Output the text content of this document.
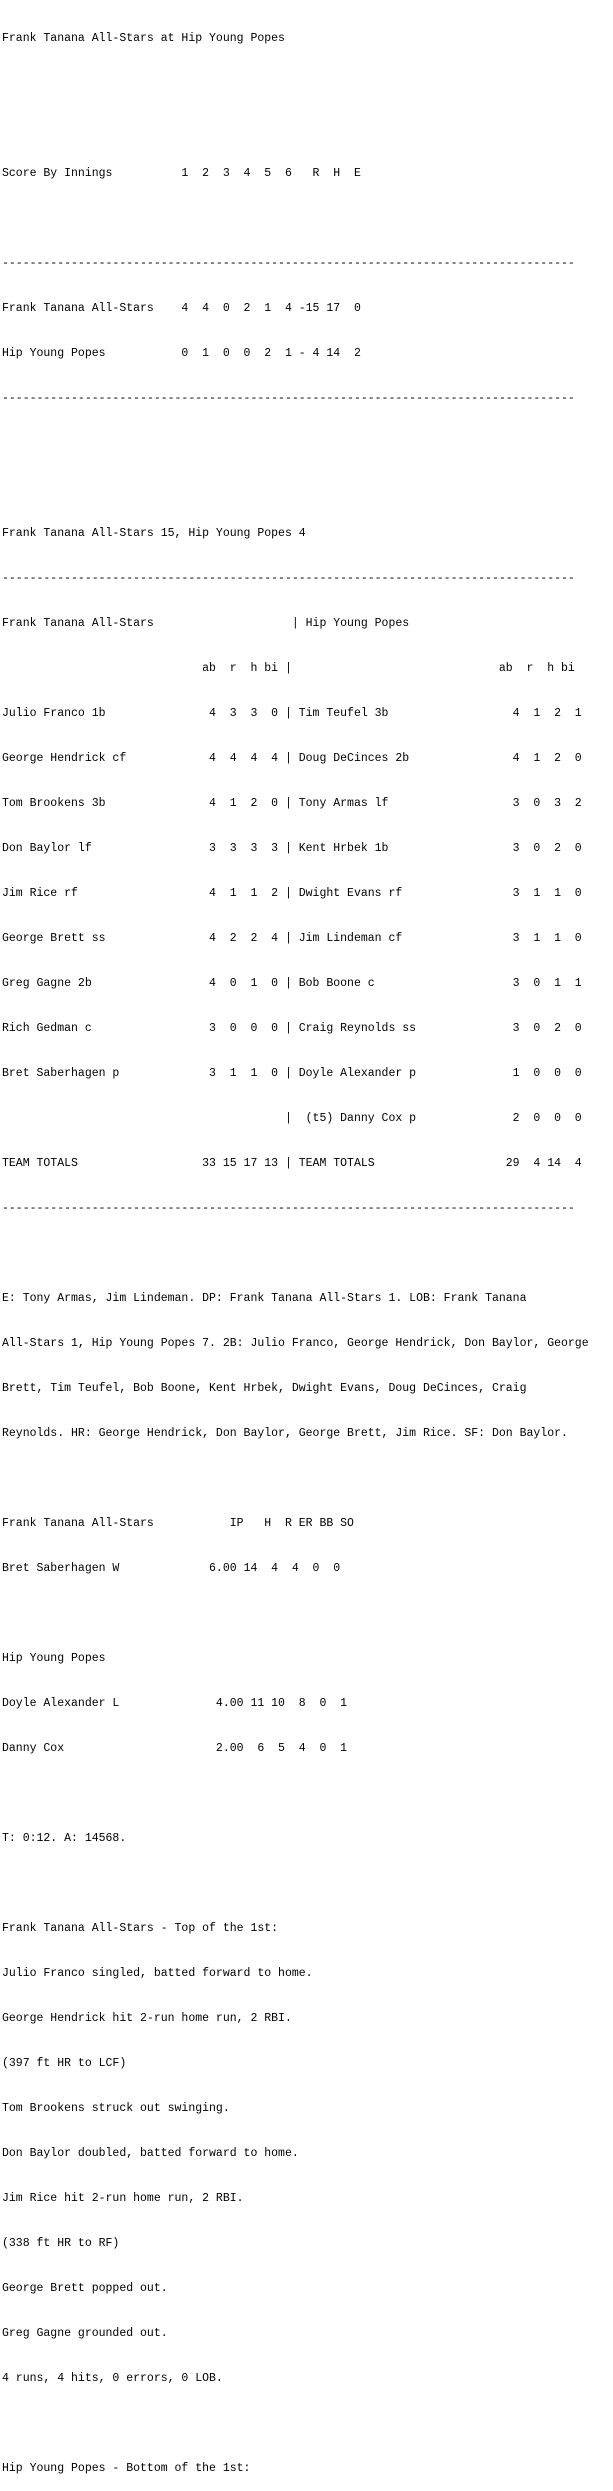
Frank Tanana All-Stars at Hip Young Popes

Score By Innings          1  2  3  4  5  6   R  H  E

-----------------------------------------------------------------------------------

Frank Tanana All-Stars    4  4  0  2  1  4 -15 17  0

Hip Young Popes           0  1  0  0  2  1 - 4 14  2

-----------------------------------------------------------------------------------

Frank Tanana All-Stars 15, Hip Young Popes 4

-----------------------------------------------------------------------------------

Frank Tanana All-Stars                    | Hip Young Popes

ab  r  h bi |                              ab  r  h bi

Julio Franco 1b               4  3  3  0 | Tim Teufel 3b                  4  1  2  1

George Hendrick cf            4  4  4  4 | Doug DeCinces 2b               4  1  2  0

Tom Brookens 3b               4  1  2  0 | Tony Armas lf                  3  0  3  2

Don Baylor lf                 3  3  3  3 | Kent Hrbek 1b                  3  0  2  0

Jim Rice rf                   4  1  1  2 | Dwight Evans rf                3  1  1  0

George Brett ss               4  2  2  4 | Jim Lindeman cf                3  1  1  0

Greg Gagne 2b                 4  0  1  0 | Bob Boone c                    3  0  1  1

Rich Gedman c                 3  0  0  0 | Craig Reynolds ss              3  0  2  0

Bret Saberhagen p             3  1  1  0 | Doyle Alexander p              1  0  0  0

|  (t5) Danny Cox p              2  0  0  0

TEAM TOTALS                  33 15 17 13 | TEAM TOTALS                   29  4 14  4

-----------------------------------------------------------------------------------

E: Tony Armas, Jim Lindeman. DP: Frank Tanana All-Stars 1. LOB: Frank Tanana

All-Stars 1, Hip Young Popes 7. 2B: Julio Franco, George Hendrick, Don Baylor, George

Brett, Tim Teufel, Bob Boone, Kent Hrbek, Dwight Evans, Doug DeCinces, Craig

Reynolds. HR: George Hendrick, Don Baylor, George Brett, Jim Rice. SF: Don Baylor.

Frank Tanana All-Stars           IP   H  R ER BB SO

Bret Saberhagen W             6.00 14  4  4  0  0

Hip Young Popes

Doyle Alexander L              4.00 11 10  8  0  1

Danny Cox                      2.00  6  5  4  0  1

T: 0:12. A: 14568.

Frank Tanana All-Stars - Top of the 1st:

Julio Franco singled, batted forward to home.

George Hendrick hit 2-run home run, 2 RBI.

(397 ft HR to LCF)

Tom Brookens struck out swinging.

Don Baylor doubled, batted forward to home.

Jim Rice hit 2-run home run, 2 RBI.

(338 ft HR to RF)

George Brett popped out.

Greg Gagne grounded out.

4 runs, 4 hits, 0 errors, 0 LOB.

Hip Young Popes - Bottom of the 1st:
